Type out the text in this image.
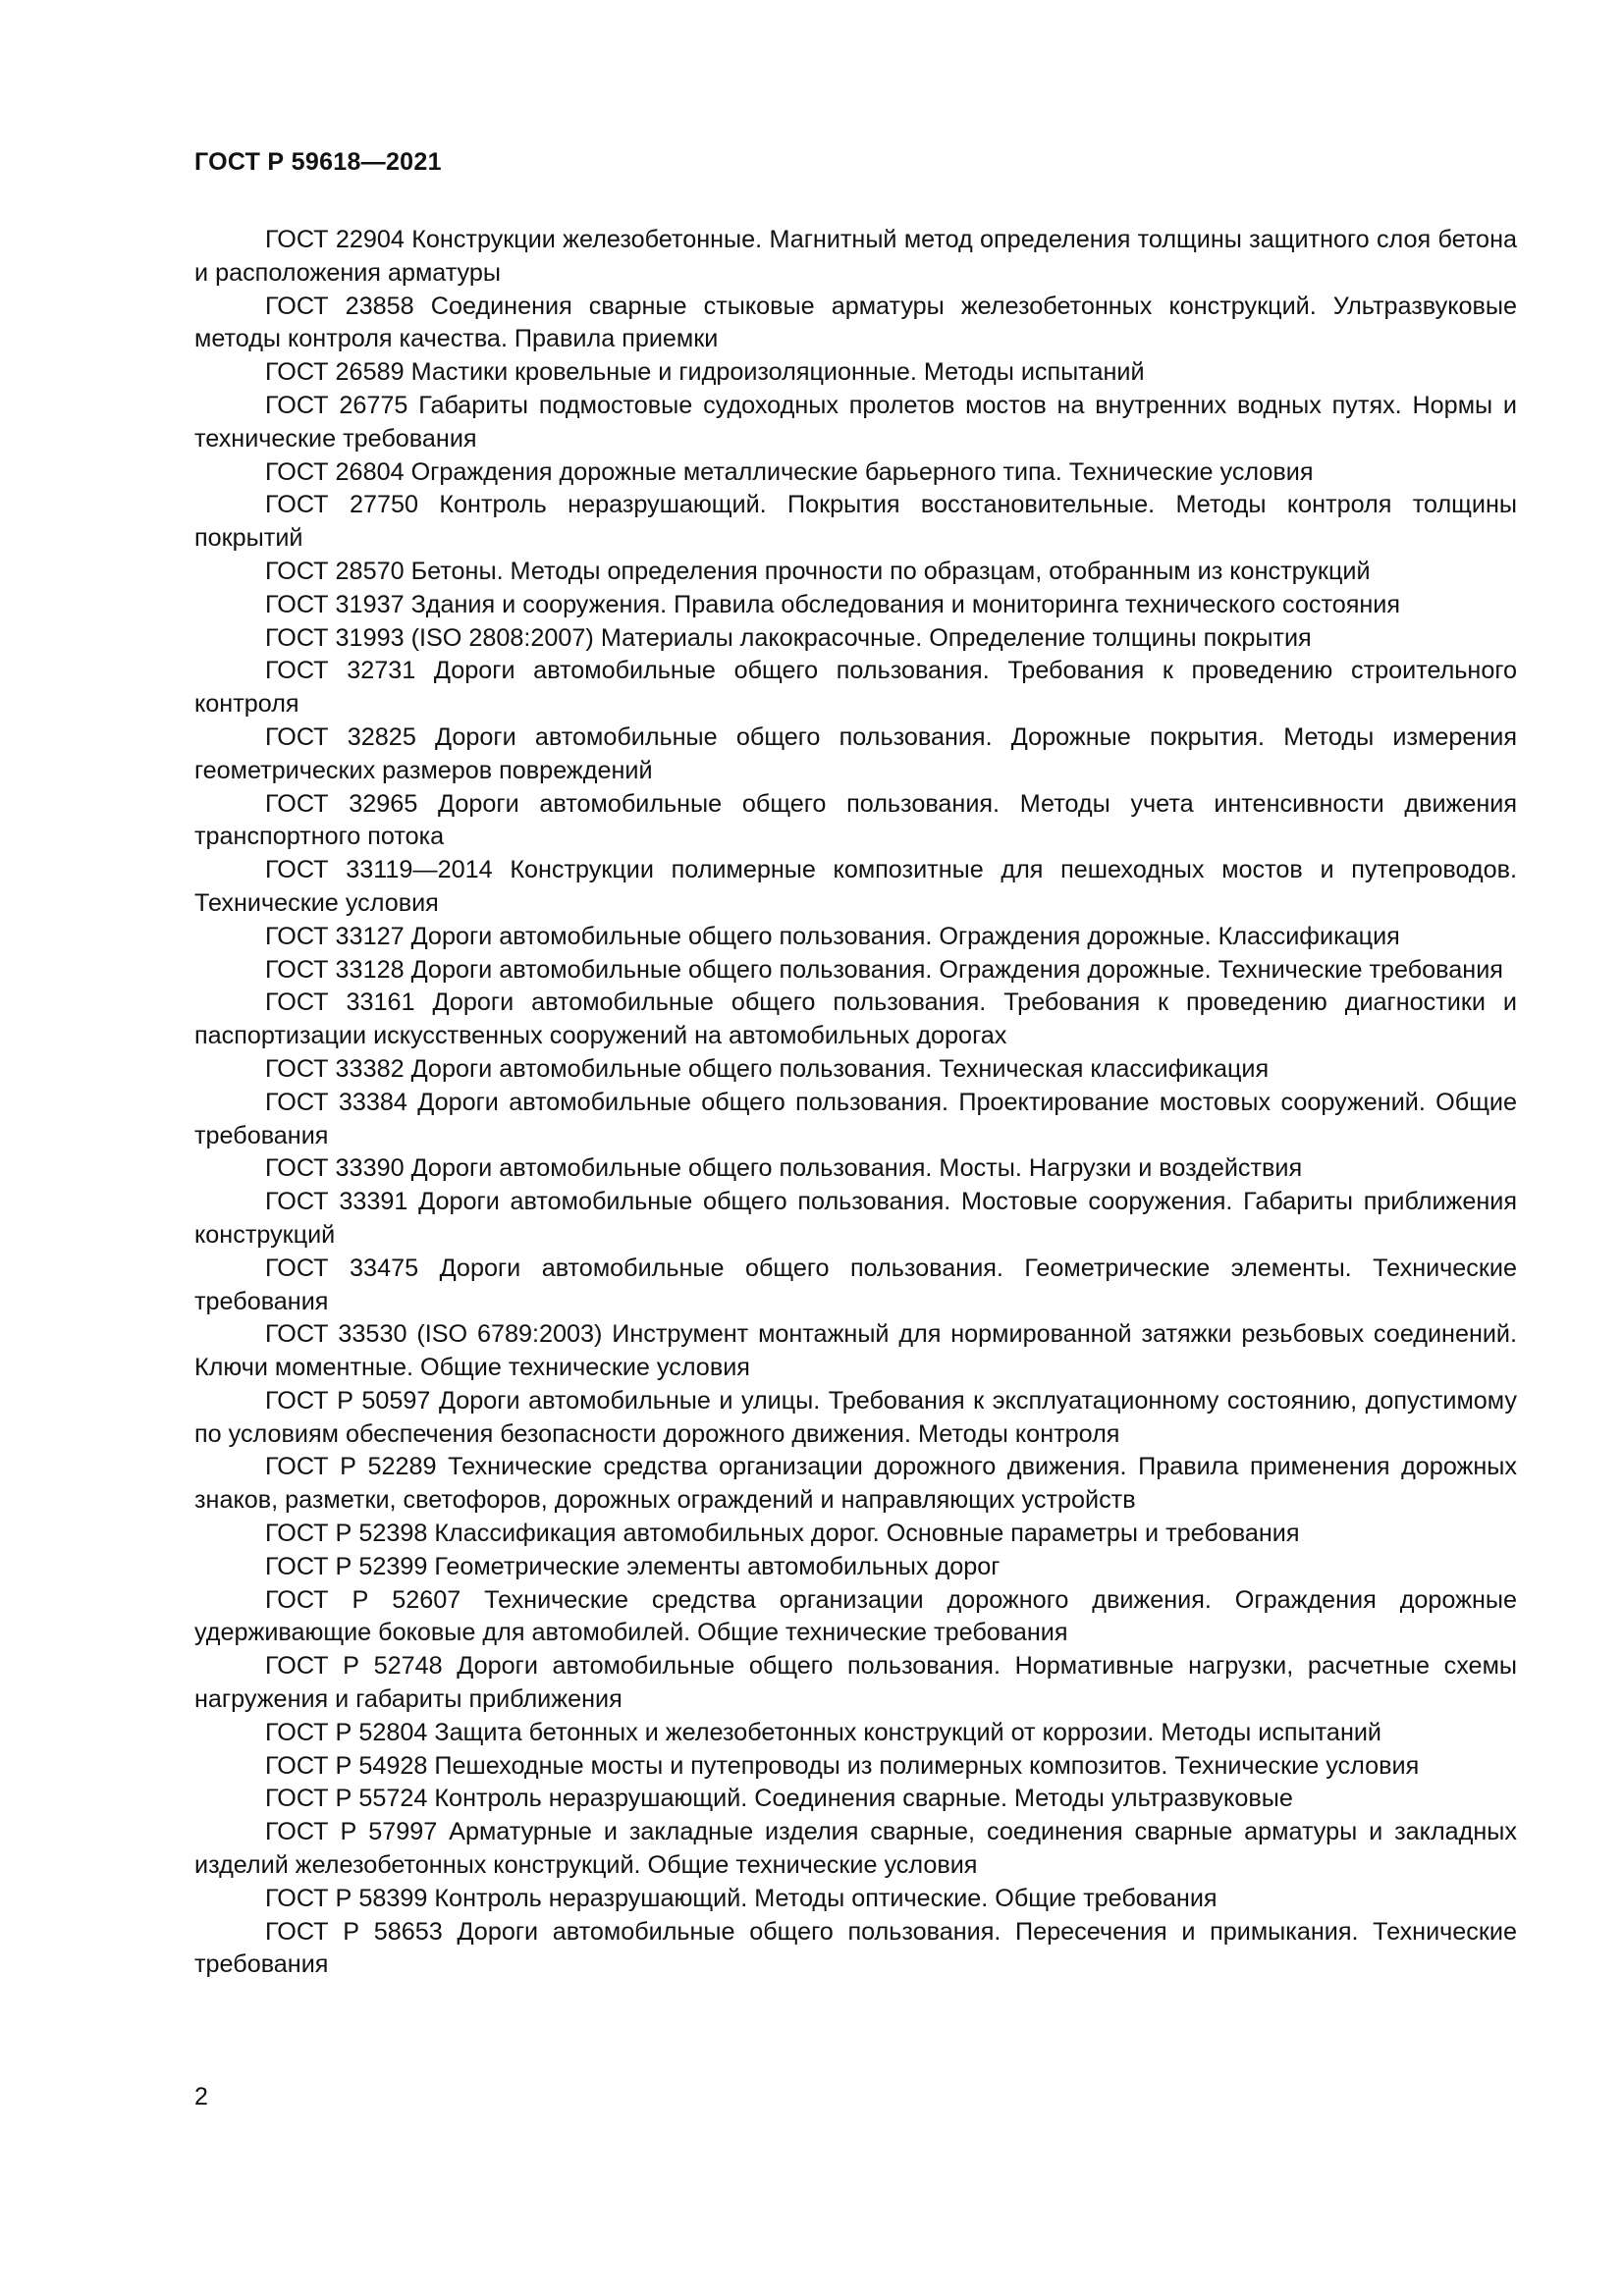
ГОСТ Р 59618—2021

ГОСТ 22904 Конструкции железобетонные. Магнитный метод определения толщины защитного слоя бетона и расположения арматуры

ГОСТ 23858 Соединения сварные стыковые арматуры железобетонных конструкций. Ультразвуковые методы контроля качества. Правила приемки

ГОСТ 26589 Мастики кровельные и гидроизоляционные. Методы испытаний

ГОСТ 26775 Габариты подмостовые судоходных пролетов мостов на внутренних водных путях. Нормы и технические требования

ГОСТ 26804 Ограждения дорожные металлические барьерного типа. Технические условия

ГОСТ 27750 Контроль неразрушающий. Покрытия восстановительные. Методы контроля толщины покрытий

ГОСТ 28570 Бетоны. Методы определения прочности по образцам, отобранным из конструкций

ГОСТ 31937 Здания и сооружения. Правила обследования и мониторинга технического состояния

ГОСТ 31993 (ISO 2808:2007) Материалы лакокрасочные. Определение толщины покрытия

ГОСТ 32731 Дороги автомобильные общего пользования. Требования к проведению строительного контроля

ГОСТ 32825 Дороги автомобильные общего пользования. Дорожные покрытия. Методы измерения геометрических размеров повреждений

ГОСТ 32965 Дороги автомобильные общего пользования. Методы учета интенсивности движения транспортного потока

ГОСТ 33119—2014 Конструкции полимерные композитные для пешеходных мостов и путепроводов. Технические условия

ГОСТ 33127 Дороги автомобильные общего пользования. Ограждения дорожные. Классификация

ГОСТ 33128 Дороги автомобильные общего пользования. Ограждения дорожные. Технические требования

ГОСТ 33161 Дороги автомобильные общего пользования. Требования к проведению диагностики и паспортизации искусственных сооружений на автомобильных дорогах

ГОСТ 33382 Дороги автомобильные общего пользования. Техническая классификация

ГОСТ 33384 Дороги автомобильные общего пользования. Проектирование мостовых сооружений. Общие требования

ГОСТ 33390 Дороги автомобильные общего пользования. Мосты. Нагрузки и воздействия

ГОСТ 33391 Дороги автомобильные общего пользования. Мостовые сооружения. Габариты приближения конструкций

ГОСТ 33475 Дороги автомобильные общего пользования. Геометрические элементы. Технические требования

ГОСТ 33530 (ISO 6789:2003) Инструмент монтажный для нормированной затяжки резьбовых соединений. Ключи моментные. Общие технические условия

ГОСТ Р 50597 Дороги автомобильные и улицы. Требования к эксплуатационному состоянию, допустимому по условиям обеспечения безопасности дорожного движения. Методы контроля

ГОСТ Р 52289 Технические средства организации дорожного движения. Правила применения дорожных знаков, разметки, светофоров, дорожных ограждений и направляющих устройств

ГОСТ Р 52398 Классификация автомобильных дорог. Основные параметры и требования

ГОСТ Р 52399 Геометрические элементы автомобильных дорог

ГОСТ Р 52607 Технические средства организации дорожного движения. Ограждения дорожные удерживающие боковые для автомобилей. Общие технические требования

ГОСТ Р 52748 Дороги автомобильные общего пользования. Нормативные нагрузки, расчетные схемы нагружения и габариты приближения

ГОСТ Р 52804 Защита бетонных и железобетонных конструкций от коррозии. Методы испытаний

ГОСТ Р 54928 Пешеходные мосты и путепроводы из полимерных композитов. Технические условия

ГОСТ Р 55724 Контроль неразрушающий. Соединения сварные. Методы ультразвуковые

ГОСТ Р 57997 Арматурные и закладные изделия сварные, соединения сварные арматуры и закладных изделий железобетонных конструкций. Общие технические условия

ГОСТ Р 58399 Контроль неразрушающий. Методы оптические. Общие требования

ГОСТ Р 58653 Дороги автомобильные общего пользования. Пересечения и примыкания. Технические требования

2
